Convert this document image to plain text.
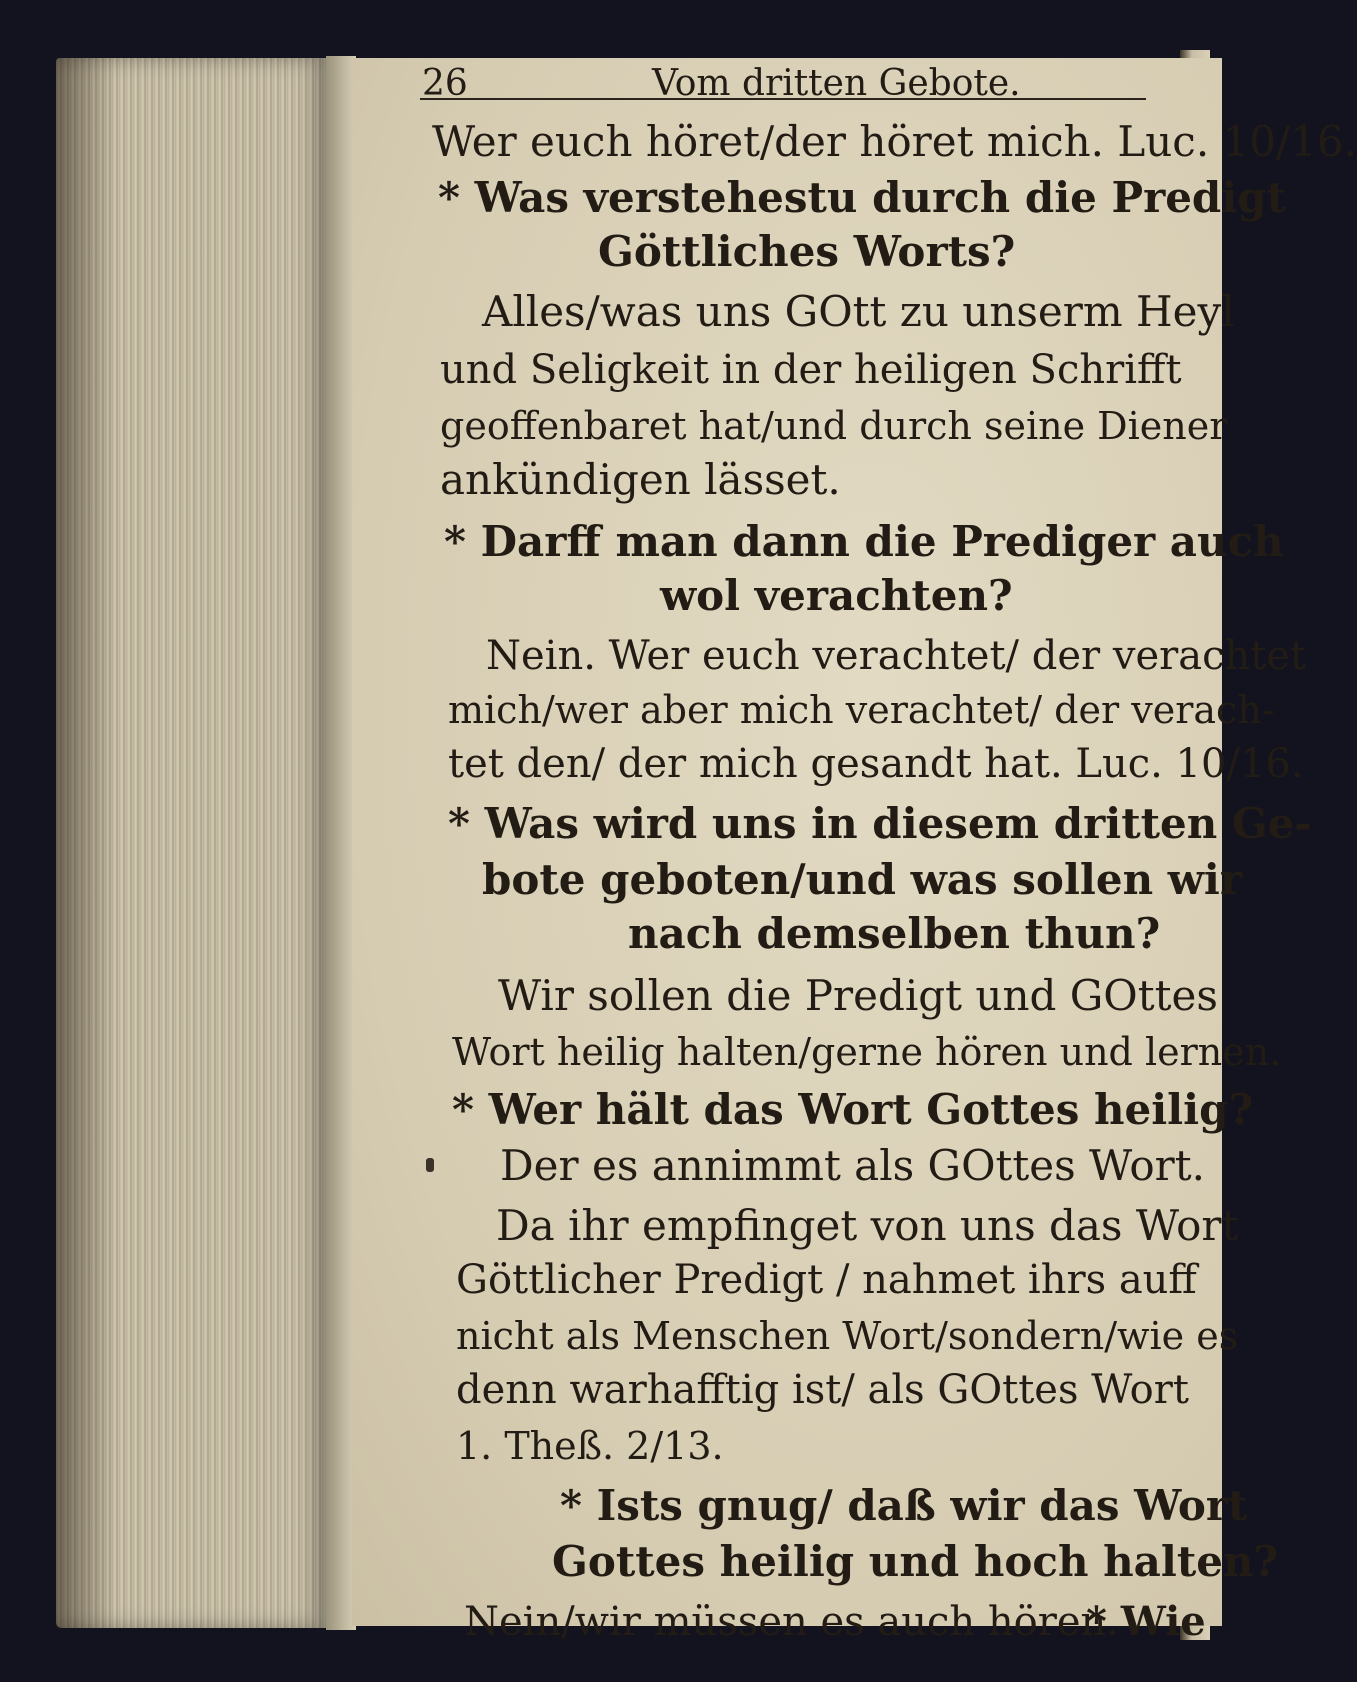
26	Vom dritten Gebote.
Wer euch höret/der höret mich. Luc. 10/16.
* Was verstehestu durch die Predigt
Göttliches Worts?
Alles/was uns GOtt zu unserm Heyl
und Seligkeit in der heiligen Schrifft
geoffenbaret hat/und durch seine Diener
ankündigen lässet.
* Darff man dann die Prediger auch
wol verachten?
Nein. Wer euch verachtet/ der verachtet
mich/wer aber mich verachtet/ der verach-
tet den/ der mich gesandt hat. Luc. 10/16.
* Was wird uns in diesem dritten Ge-
bote geboten/und was sollen wir
nach demselben thun?
Wir sollen die Predigt und GOttes
Wort heilig halten/gerne hören und lernen.
* Wer hält das Wort Gottes heilig?
Der es annimmt als GOttes Wort.
Da ihr empfinget von uns das Wort
Göttlicher Predigt / nahmet ihrs auff
nicht als Menschen Wort/sondern/wie es
denn warhafftig ist/ als GOttes Wort
1. Theß. 2/13.
* Ists gnug/ daß wir das Wort
Gottes heilig und hoch halten?
Nein/wir müssen es auch hören.
* Wie
